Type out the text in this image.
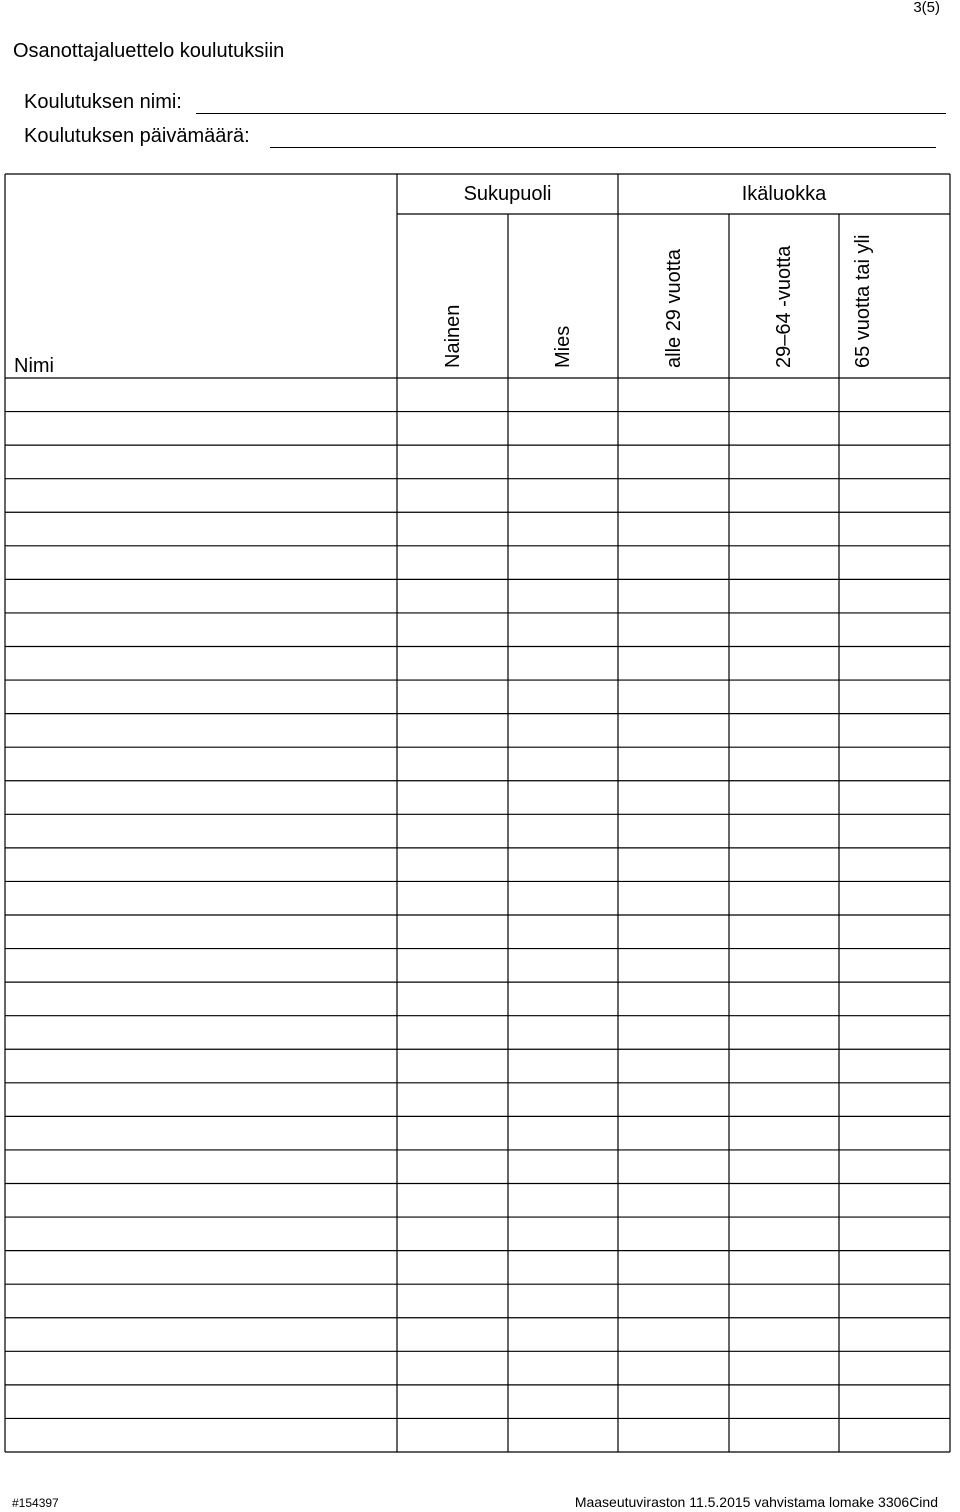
3(5)
Osanottajaluettelo koulutuksiin
Koulutuksen nimi:
Koulutuksen päivämäärä:
Nimi
Sukupuoli	Ikäluokka
Nainen	Mies	alle 29 vuotta	29–64 -vuotta	65 vuotta tai yli
#154397	Maaseutuviraston 11.5.2015 vahvistama lomake 3306Cind
